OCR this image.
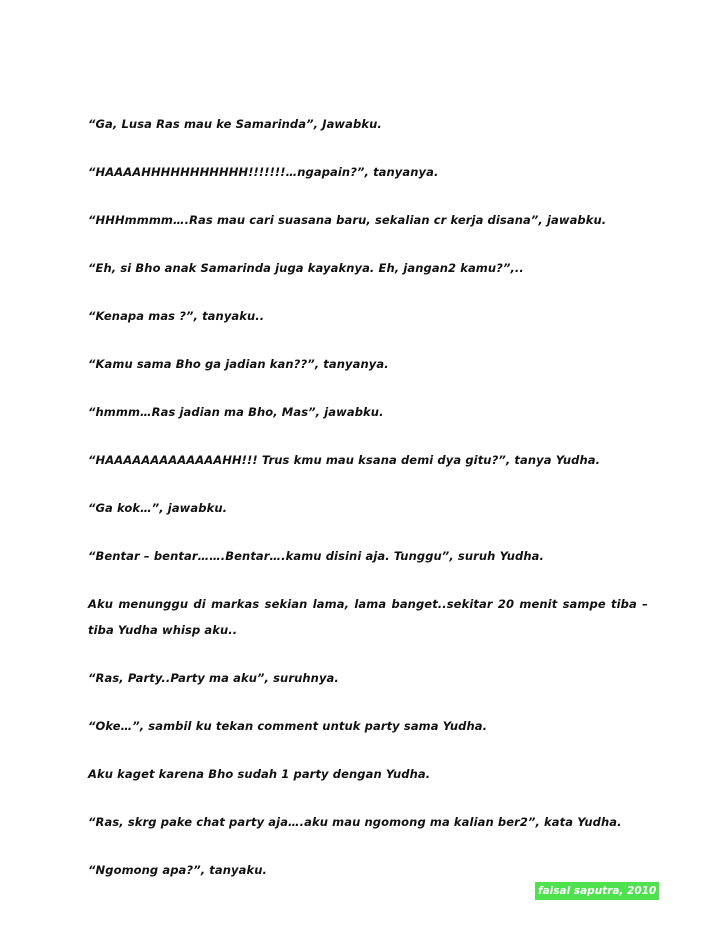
“Ga, Lusa Ras mau ke Samarinda”, Jawabku.

“HAAAAHHHHHHHHHHH!!!!!!!…ngapain?”, tanyanya.

“HHHmmmm….Ras mau cari suasana baru, sekalian cr kerja disana”, jawabku.

“Eh, si Bho anak Samarinda juga kayaknya. Eh, jangan2 kamu?”,..

“Kenapa mas ?”, tanyaku..

“Kamu sama Bho ga jadian kan??”, tanyanya.

“hmmm…Ras jadian ma Bho, Mas”, jawabku.

“HAAAAAAAAAAAAAHH!!! Trus kmu mau ksana demi dya gitu?”, tanya Yudha.

“Ga kok…”, jawabku.

“Bentar – bentar…….Bentar….kamu disini aja. Tunggu”, suruh Yudha.

Aku menunggu di markas sekian lama, lama banget..sekitar 20 menit sampe tiba – tiba Yudha whisp aku..

“Ras, Party..Party ma aku”, suruhnya.

“Oke…”, sambil ku tekan comment untuk party sama Yudha.

Aku kaget karena Bho sudah 1 party dengan Yudha.

“Ras, skrg pake chat party aja….aku mau ngomong ma kalian ber2”, kata Yudha.

“Ngomong apa?”, tanyaku.

faisal saputra, 2010
